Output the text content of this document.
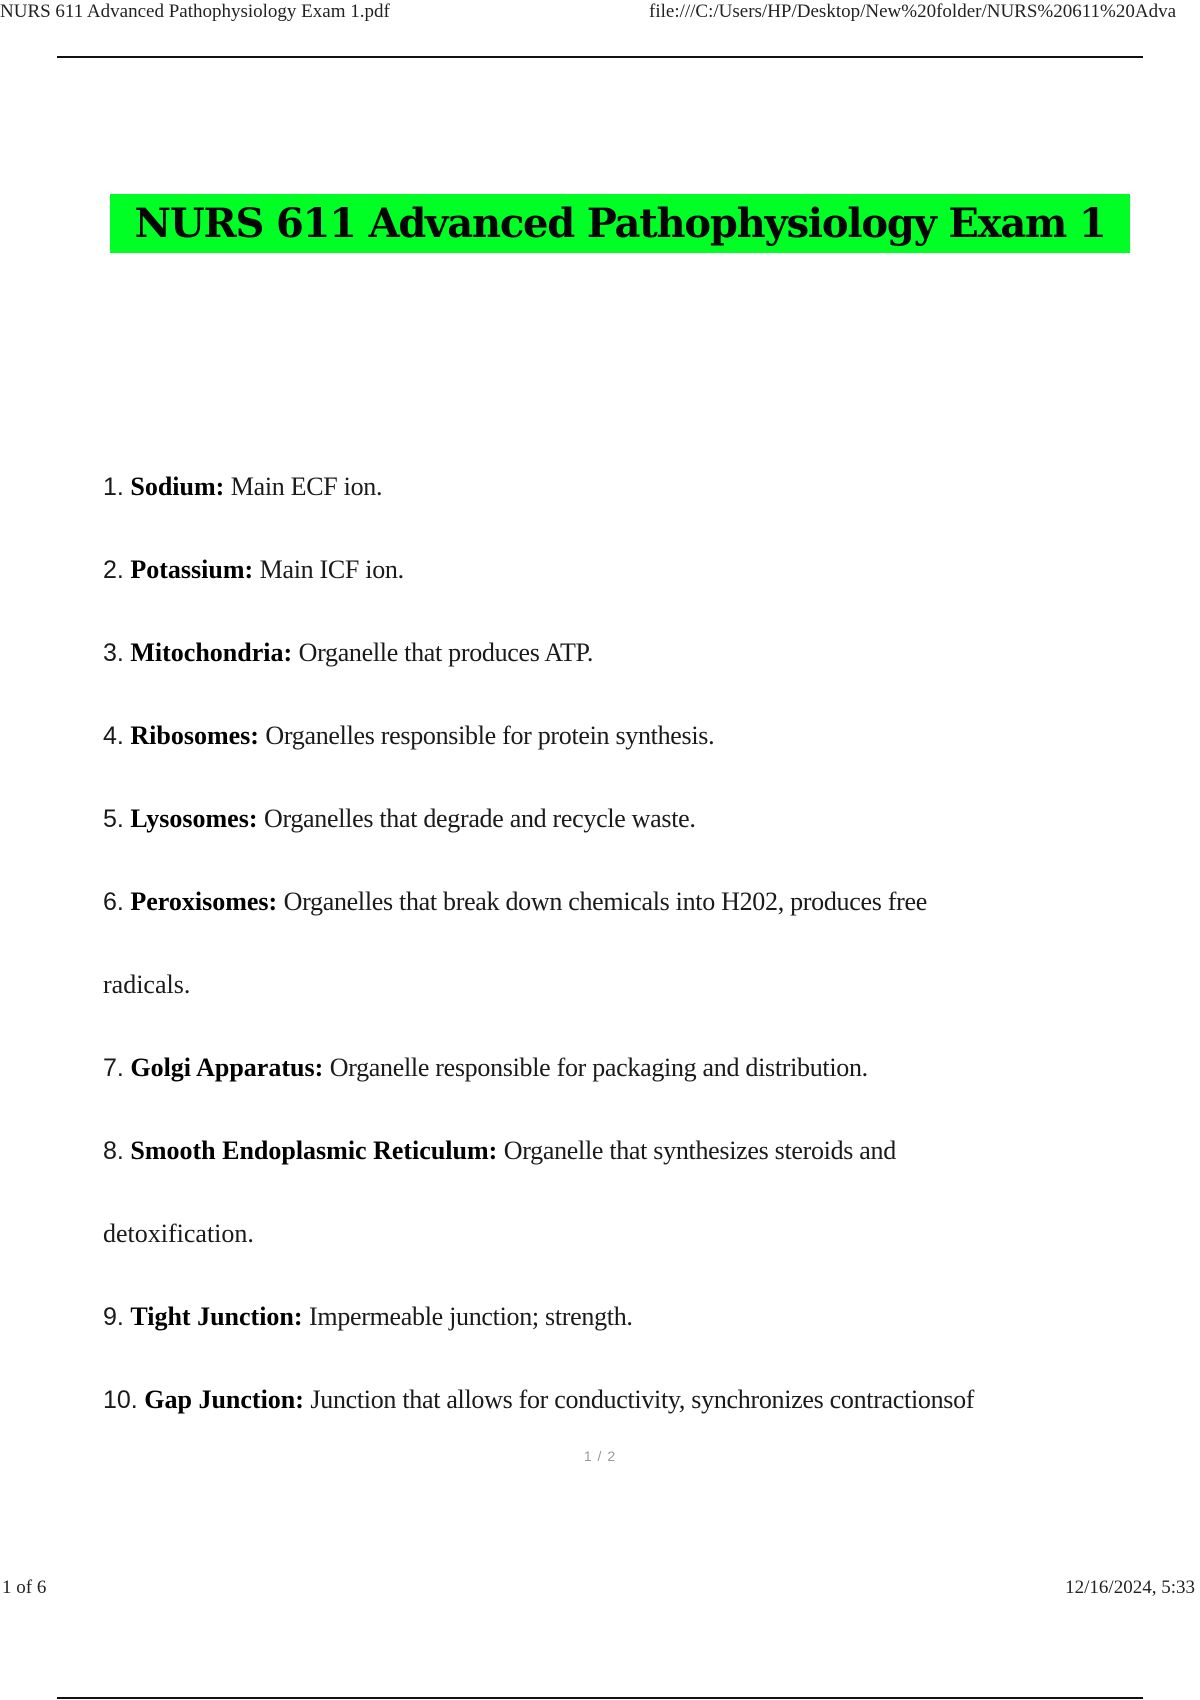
NURS 611 Advanced Pathophysiology Exam 1.pdf	file:///C:/Users/HP/Desktop/New%20folder/NURS%20611%20Adva
NURS 611 Advanced Pathophysiology Exam 1
1. Sodium: Main ECF ion.
2. Potassium: Main ICF ion.
3. Mitochondria: Organelle that produces ATP.
4. Ribosomes: Organelles responsible for protein synthesis.
5. Lysosomes: Organelles that degrade and recycle waste.
6. Peroxisomes: Organelles that break down chemicals into H202, produces free
radicals.
7. Golgi Apparatus: Organelle responsible for packaging and distribution.
8. Smooth Endoplasmic Reticulum: Organelle that synthesizes steroids and
detoxification.
9. Tight Junction: Impermeable junction; strength.
10. Gap Junction: Junction that allows for conductivity, synchronizes contractionsof
1 / 2
1 of 6	12/16/2024, 5:33
